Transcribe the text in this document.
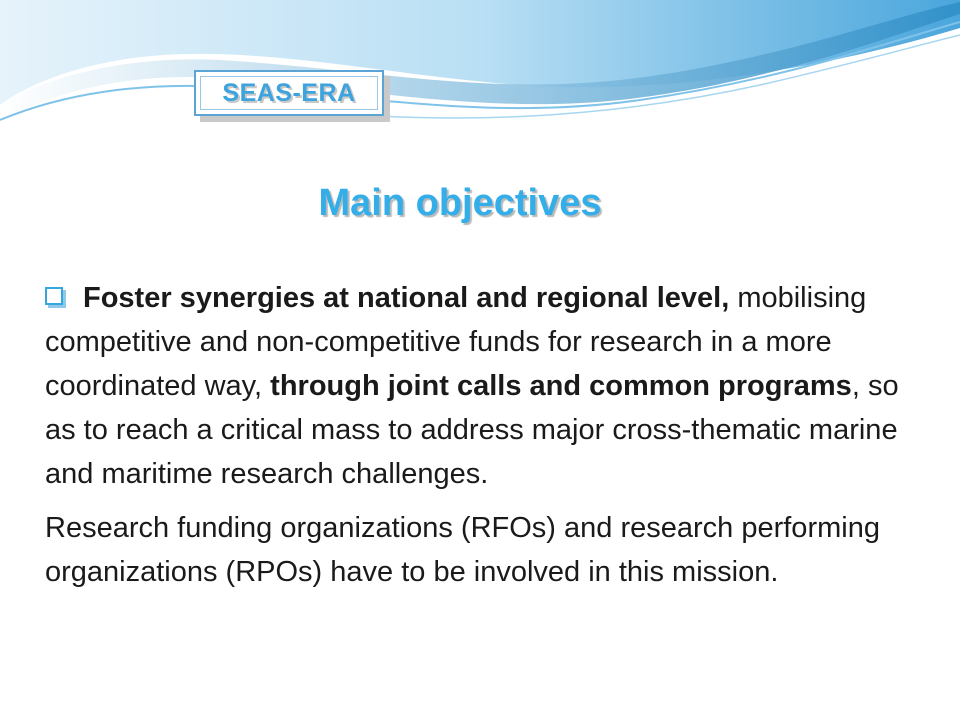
SEAS-ERA
Main objectives

Foster synergies at national and regional level, mobilising competitive and non-competitive funds for research in a more coordinated way, through joint calls and common programs, so as to reach a critical mass to address major cross-thematic marine and maritime research challenges.

Research funding organizations (RFOs) and research performing organizations (RPOs) have to be involved in this mission.
